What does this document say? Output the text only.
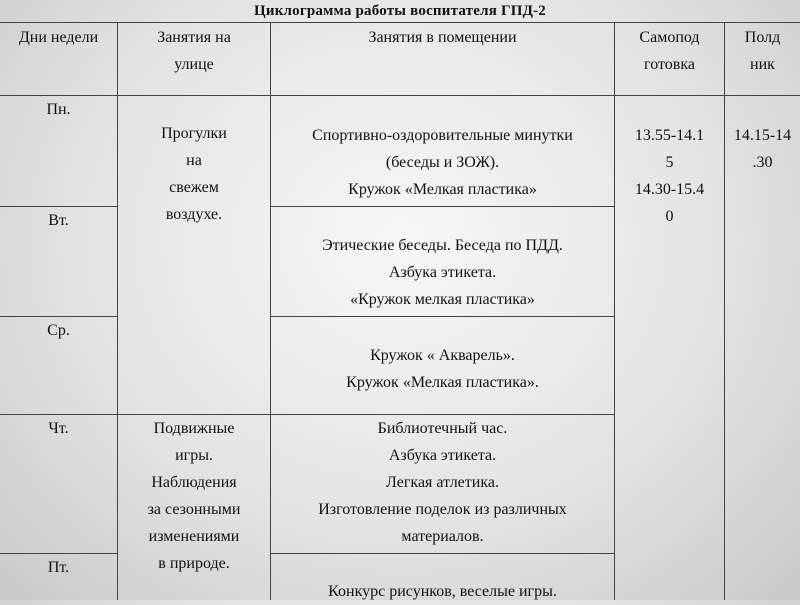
Циклограмма работы воспитателя ГПД-2
Дни недели	Занятия на
улице
Занятия в помещении	Самопод
готовка
Полд
ник
Пн.
Вт.
Ср.
Чт.
Пт.
Прогулки
на
свежем
воздухе.
Подвижные
игры.
Наблюдения
за сезонными
изменениями
в природе.
Спортивно-оздоровительные минутки
(беседы и ЗОЖ).
Кружок «Мелкая пластика»
Этические беседы. Беседа по ПДД.
Азбука этикета.
«Кружок мелкая пластика»
Кружок « Акварель».
Кружок «Мелкая пластика».
Библиотечный час.
Азбука этикета.
Легкая атлетика.
Изготовление поделок из различных
материалов.
Конкурс рисунков, веселые игры.
13.55-14.1
5
14.30-15.4
0
14.15-14
.30
